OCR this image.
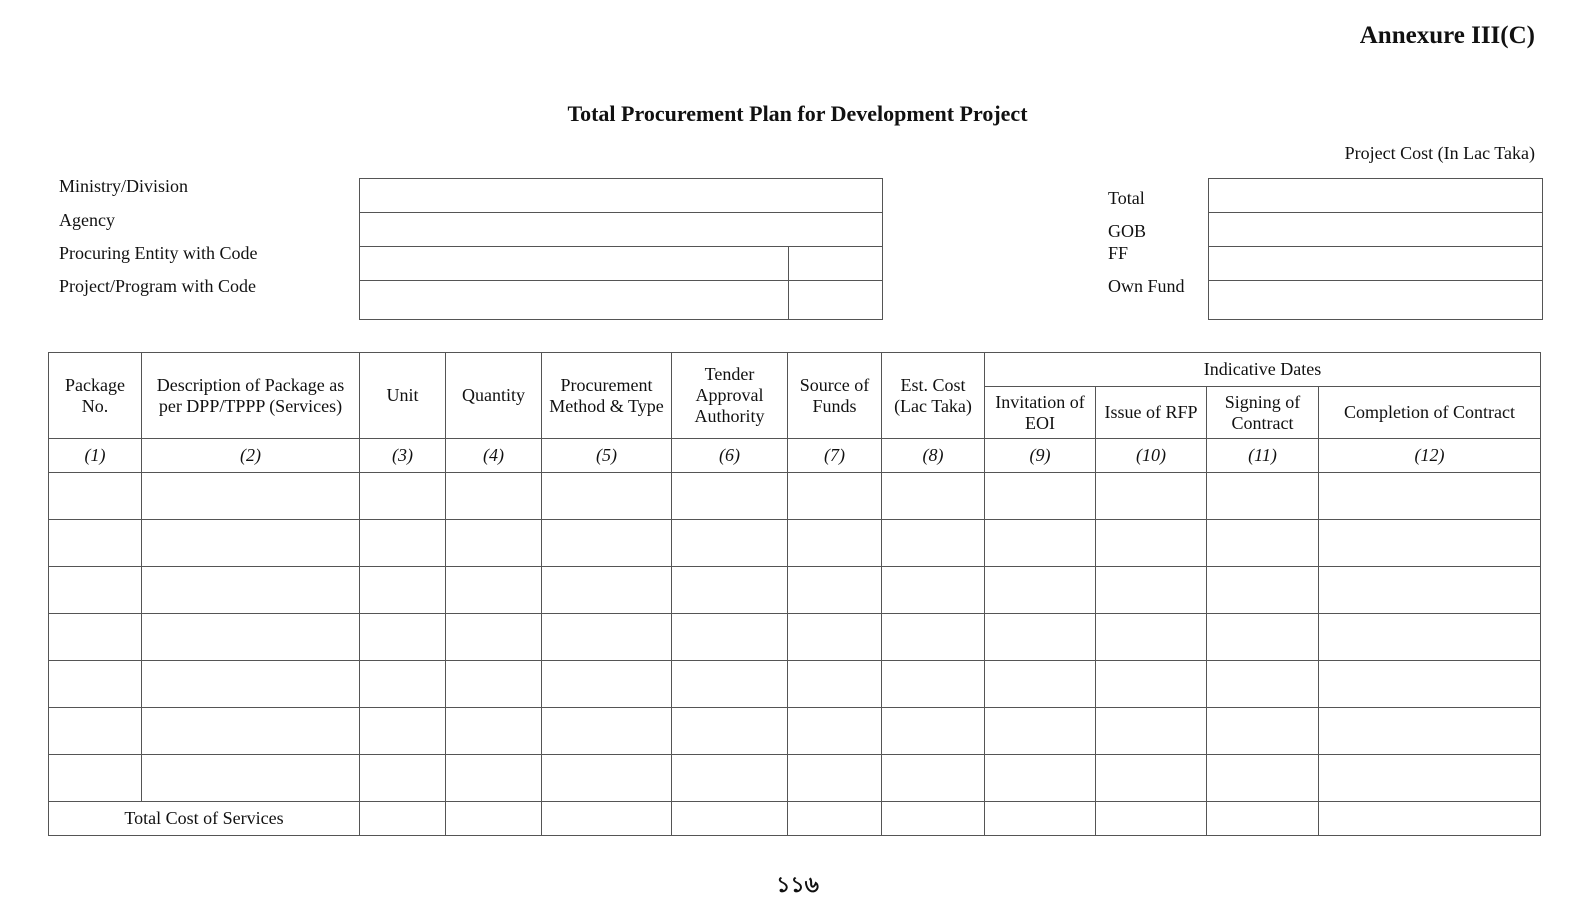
Annexure III(C)
Total Procurement Plan for Development Project
Project Cost (In Lac Taka)
Ministry/Division
Agency
Procuring Entity with Code
Project/Program with Code
Total
GOB
FF
Own Fund
Package No.	Description of Package as per DPP/TPPP (Services)	Unit	Quantity	Procurement Method & Type	Tender Approval Authority	Source of Funds	Est. Cost (Lac Taka)	Indicative Dates			
								Invitation of EOI	Issue of RFP	Signing of Contract	Completion of Contract
(1)	(2)	(3)	(4)	(5)	(6)	(7)	(8)	(9)	(10)	(11)	(12)

Total Cost of Services											
১১৬
